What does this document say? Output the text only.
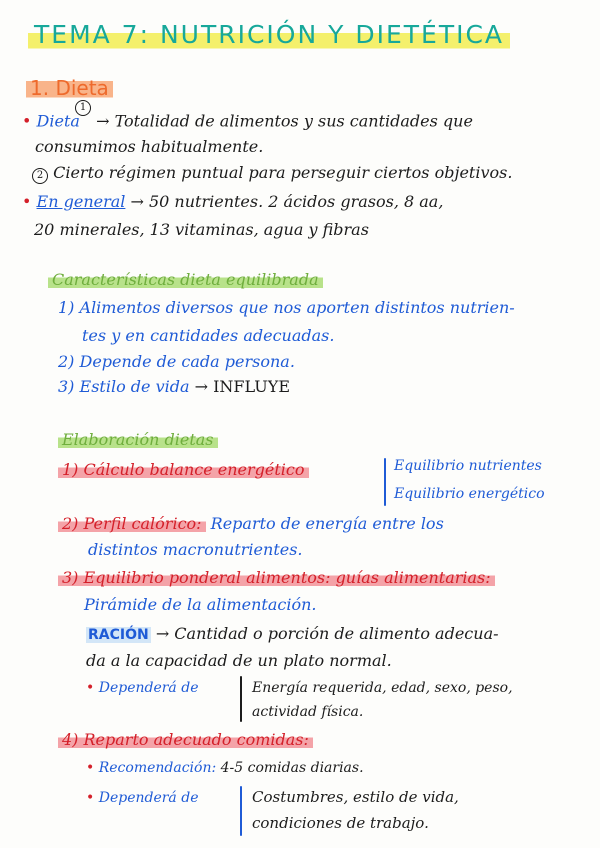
TEMA 7: NUTRICIÓN Y DIETÉTICA
1. Dieta
• Dieta $^1$ → Totalidad de alimentos y sus cantidades que
consumimos habitualmente.
2 Cierto régimen puntual para perseguir ciertos objetivos.
• En general → 50 nutrientes. 2 ácidos grasos, 8 aa,
20 minerales, 13 vitaminas, agua y fibras
Características dieta equilibrada
1) Alimentos diversos que nos aporten distintos nutrien-
tes y en cantidades adecuadas.
2) Depende de cada persona.
3) Estilo de vida → INFLUYE
Elaboración dietas
1) Cálculo balance energético	Equilibrio nutrientes
Equilibrio energético
2) Perfil calórico: Reparto de energía entre los
distintos macronutrientes.
3) Equilibrio ponderal alimentos: guías alimentarias:
Pirámide de la alimentación.
RACIÓN → Cantidad o porción de alimento adecua-
da a la capacidad de un plato normal.
• Dependerá de	Energía requerida, edad, sexo, peso,
actividad física.
4) Reparto adecuado comidas:
• Recomendación: 4-5 comidas diarias.
• Dependerá de	Costumbres, estilo de vida,
condiciones de trabajo.
